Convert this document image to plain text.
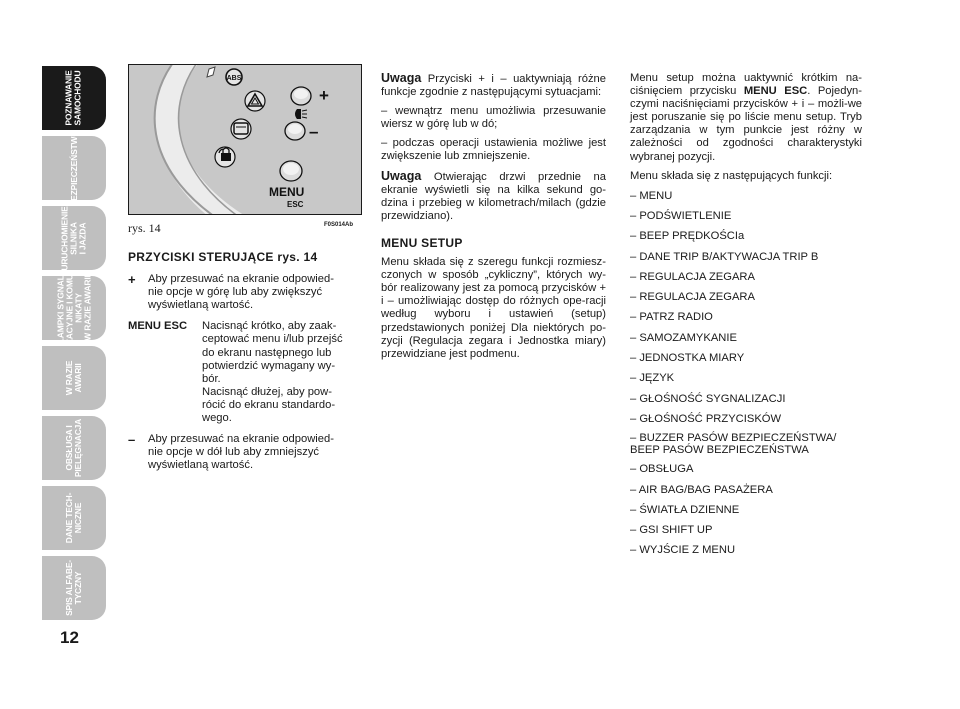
POZNAWANIE
SAMOCHODU
BEZPIECZEŃSTWO
URUCHOMIENIE
SILNIKA
I JAZDA
LAMPKI SYGNAL-
ZACYJNE I KOMU-
NIKATY
W RAZIE AWARII
W RAZIE
AWARII
OBSŁUGA I
PIELĘGNACJA
DANE TECH-
NICZNE
SPIS ALFABE-
TYCZNY
12
ABS
+
–
MENU
ESC
rys. 14	F0S014Ab
PRZYCISKI STERUJĄCE rys. 14
+	Aby przesuwać na ekranie odpowied-
nie opcje w górę lub aby zwiększyć
wyświetlaną wartość.
MENU ESC	Nacisnąć krótko, aby zaak-
ceptować menu i/lub przejść
do ekranu następnego lub
potwierdzić wymagany wy-
bór.
Nacisnąć dłużej, aby pow-
rócić do ekranu standardo-
wego.
–	Aby przesuwać na ekranie odpowied-
nie opcje w dół lub aby zmniejszyć
wyświetlaną wartość.

Uwaga Przyciski + i – uaktywniają różne funkcje zgodnie z następującymi sytuacjami:

– wewnątrz menu umożliwia przesuwanie wiersz w górę lub w dó;

– podczas operacji ustawienia możliwe jest zwiększenie lub zmniejszenie.

Uwaga Otwierając drzwi przednie na ekranie wyświetli się na kilka sekund go-dzina i przebieg w kilometrach/milach (gdzie przewidziano).

MENU SETUP

Menu składa się z szeregu funkcji rozmiesz-czonych w sposób „cykliczny”, których wy-bór realizowany jest za pomocą przycisków + i – umożliwiając dostęp do różnych ope-racji według wyboru i ustawień (setup) przedstawionych poniżej Dla niektórych po-zycji (Regulacja zegara i Jednostka miary) przewidziane jest podmenu.

Menu setup można uaktywnić krótkim na-ciśnięciem przycisku MENU ESC. Pojedyn-czymi naciśnięciami przycisków + i – możli-we jest poruszanie się po liście menu setup. Tryb zarządzania w tym punkcie jest różny w zależności od zgodności charakterystyki wybranej pozycji.

Menu składa się z następujących funkcji:

– MENU
– PODŚWIETLENIE
– BEEP PRĘDKOŚCIa
– DANE TRIP B/AKTYWACJA TRIP B
– REGULACJA ZEGARA
– REGULACJA ZEGARA
– PATRZ RADIO
– SAMOZAMYKANIE
– JEDNOSTKA MIARY
– JĘZYK
– GŁOŚNOŚĆ SYGNALIZACJI
– GŁOŚNOŚĆ PRZYCISKÓW
– BUZZER PASÓW BEZPIECZEŃSTWA/
BEEP PASÓW BEZPIECZEŃSTWA
– OBSŁUGA
– AIR BAG/BAG PASAŻERA
– ŚWIATŁA DZIENNE
– GSI SHIFT UP
– WYJŚCIE Z MENU
